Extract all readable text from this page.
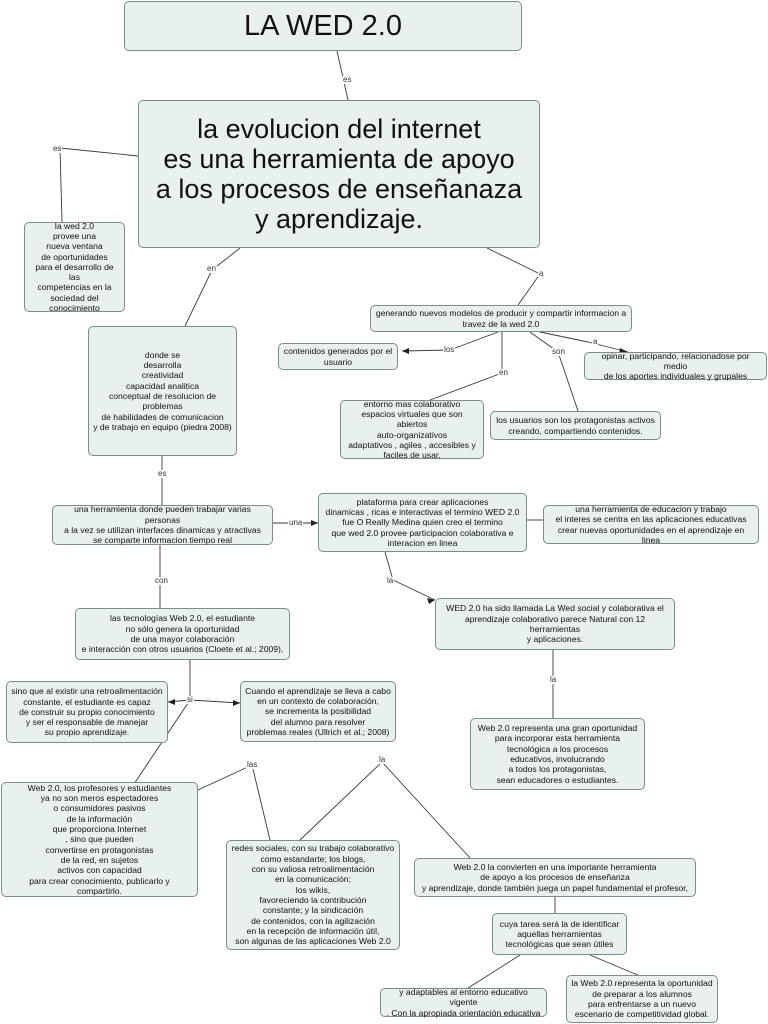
LA WED 2.0
la evolucion del internet
es una herramienta de apoyo
a los procesos de enseñanaza
y aprendizaje.
la wed 2.0
provee una
nueva ventana
de oportunidades
para el desarrollo de las
competencias en la
sociedad del
conocimiento
generando nuevos modelos de producir y compartir informacion a
travez de la wed 2.0
contenidos generados por el
usuario
opinar, participando, relacionadose por medio
de los aportes individuales y grupales
donde se
desarrolla
creatividad
capacidad analitica
conceptual de resolucion de
problemas
de habilidades de comunicacion
y de trabajo en equipo (piedra 2008)
entorno mas colaborativo
espacios virtuales que son abiertos
auto-organizativos
adaptativos , agiles , accesibles y
faciles de usar.
los usuarios son los protagonistas activos
creando, compartiendo contenidos.
una herramienta donde pueden trabajar varias personas
a la vez se utilizan interfaces dinamicas y atractivas
se comparte informacion tiempo real
plataforma para crear aplicaciones
dinamicas , ricas e interactivas el termino WED 2.0
fue O Really Medina quien creo el termino
que wed 2.0 provee participacion colaborativa e
interacion en linea
una herramienta de educacion y trabajo
el interes se centra en las aplicaciones educativas
crear nuevas oportunidades en el aprendizaje en linea
las tecnologías Web 2.0, el estudiante
no sólo genera la oportunidad
de una mayor colaboración
e interacción con otros usuarios (Cloete et al.; 2009),
WED 2.0 ha sido llamada La Wed social y colaborativa el
aprendizaje colaborativo parece Natural con 12 herramientas
y aplicaciones.
sino que al existir una retroalimentación
constante, el estudiante es capaz
de construir su propio conocimiento
y ser el responsable de manejar
su propio aprendizaje.
Cuando el aprendizaje se lleva a cabo
en un contexto de colaboración,
se incrementa la posibilidad
del alumno para resolver
problemas reales (Ullrich et al.; 2008)	Web 2.0 representa una gran oportunidad
para incorporar esta herramienta
tecnológica a los procesos
educativos, involucrando
a todos los protagonistas,
sean educadores o estudiantes.
Web 2.0, los profesores y estudiantes
ya no son meros espectadores
o consumidores pasivos
de la información
que proporciona Internet
, sino que pueden
convertirse en protagonistas
de la red, en sujetos
activos con capacidad
para crear conocimiento, publicarlo y compartirlo.
redes sociales, con su trabajo colaborativo
como estandarte; los blogs,
con su valiosa retroalimentación
en la comunicación;
los wikis,
favoreciendo la contribución
constante; y la sindicación
de contenidos, con la agilización
en la recepción de información útil,
son algunas de las aplicaciones Web 2.0
Web 2.0 la convierten en una importante herramienta
de apoyo a los procesos de enseñanza
y aprendizaje, donde también juega un papel fundamental el profesor,
cuya tarea será la de identificar
aquellas herramientas
tecnológicas que sean útiles
y adaptables al entorno educativo vigente
. Con la apropiada orientación educativa
la Web 2.0 representa la oportunidad
de preparar a los alumnos
para enfrentarse a un nuevo
escenario de competitividad global.
es
es
en
a
los
a
en
son
es
una
con	la
la
si
las
la
